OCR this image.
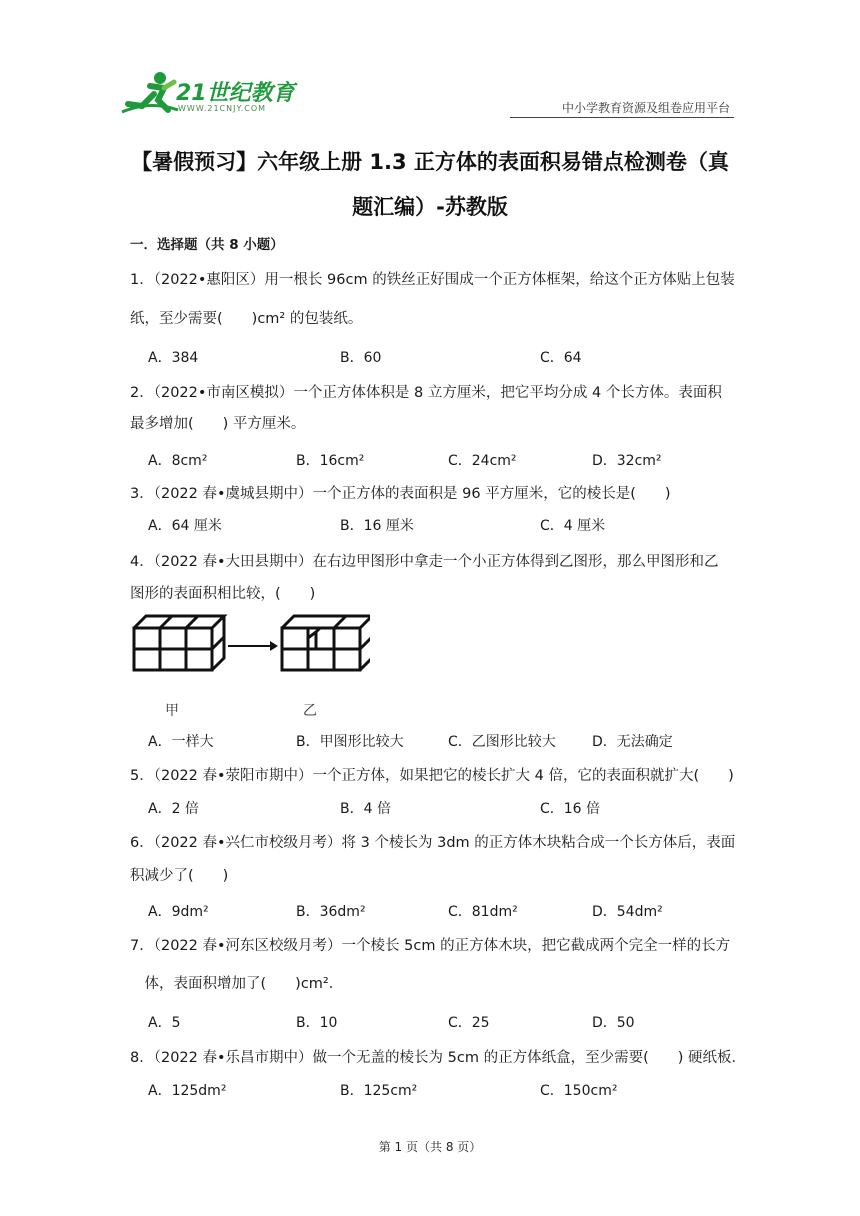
21世纪教育
WWW.21CNJY.COM	中小学教育资源及组卷应用平台
【暑假预习】六年级上册 1.3 正方体的表面积易错点检测卷（真
题汇编）-苏教版
一．选择题（共 8 小题）
1．（2022•惠阳区）用一根长 96cm 的铁丝正好围成一个正方体框架，给这个正方体贴上包装
纸，至少需要(　　)cm² 的包装纸。
A．384	B．60	C．64
2．（2022•市南区模拟）一个正方体体积是 8 立方厘米，把它平均分成 4 个长方体。表面积
最多增加(　　) 平方厘米。
A．8cm²	B．16cm²	C．24cm²	D．32cm²
3．（2022 春•虞城县期中）一个正方体的表面积是 96 平方厘米，它的棱长是(　　)
A．64 厘米	B．16 厘米	C．4 厘米
4．（2022 春•大田县期中）在右边甲图形中拿走一个小正方体得到乙图形，那么甲图形和乙
图形的表面积相比较，(　　)
甲	乙
A．一样大	B．甲图形比较大	C．乙图形比较大	D．无法确定
5．（2022 春•荥阳市期中）一个正方体，如果把它的棱长扩大 4 倍，它的表面积就扩大(　　)
A．2 倍	B．4 倍	C．16 倍
6．（2022 春•兴仁市校级月考）将 3 个棱长为 3dm 的正方体木块粘合成一个长方体后，表面
积减少了(　　)
A．9dm²	B．36dm²	C．81dm²	D．54dm²
7．（2022 春•河东区校级月考）一个棱长 5cm 的正方体木块，把它截成两个完全一样的长方
　体，表面积增加了(　　)cm²．
A．5	B．10	C．25	D．50
8．（2022 春•乐昌市期中）做一个无盖的棱长为 5cm 的正方体纸盒，至少需要(　　) 硬纸板．
A．125dm²	B．125cm²	C．150cm²
第 1 页（共 8 页）
